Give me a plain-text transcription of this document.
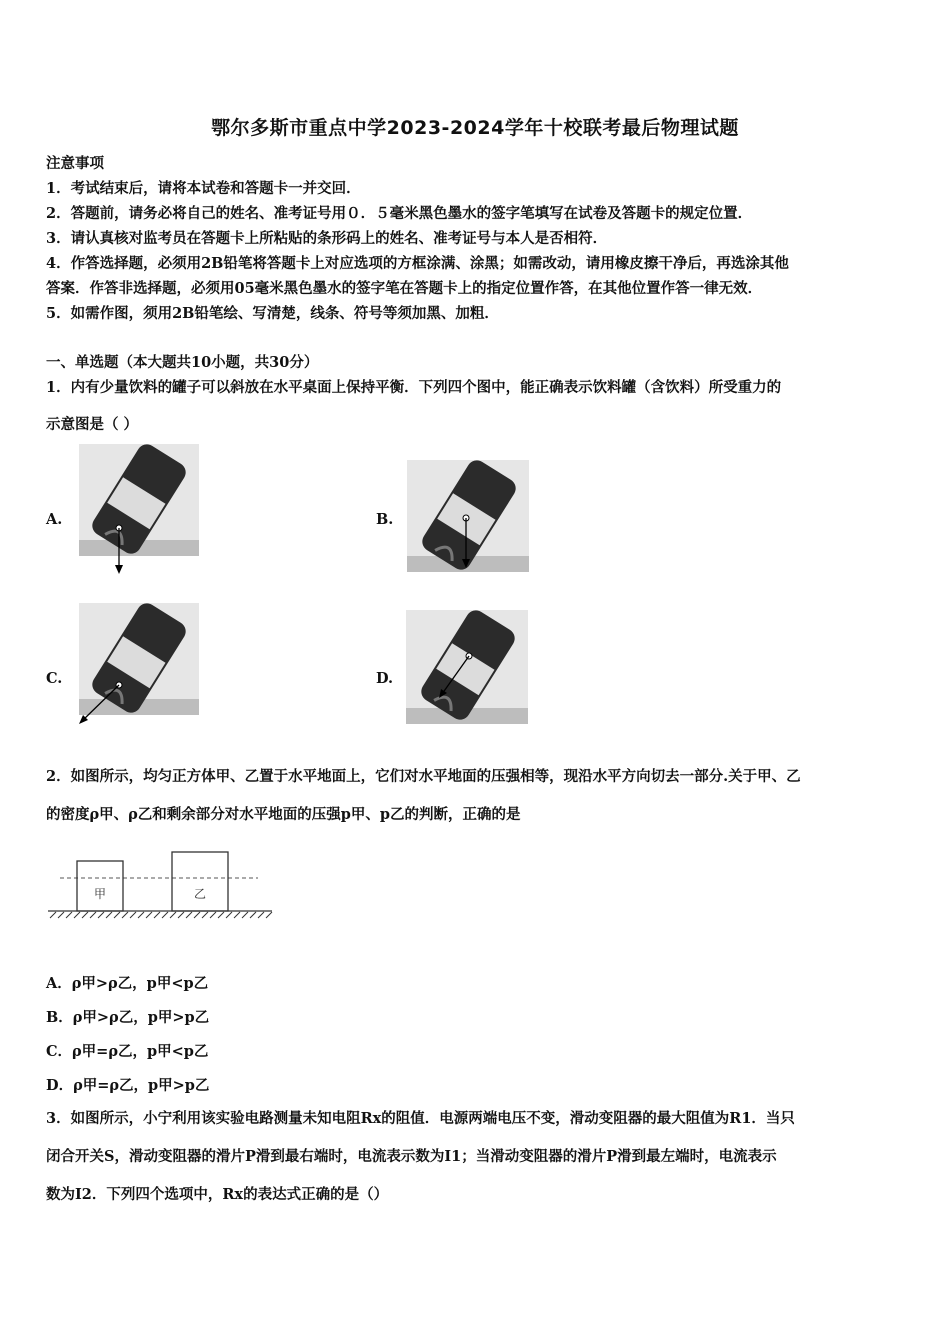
鄂尔多斯市重点中学2023-2024学年十校联考最后物理试题
注意事项
1．考试结束后，请将本试卷和答题卡一并交回．
2．答题前，请务必将自己的姓名、准考证号用０．５毫米黑色墨水的签字笔填写在试卷及答题卡的规定位置．
3．请认真核对监考员在答题卡上所粘贴的条形码上的姓名、准考证号与本人是否相符．
4．作答选择题，必须用2B铅笔将答题卡上对应选项的方框涂满、涂黑；如需改动，请用橡皮擦干净后，再选涂其他
答案．作答非选择题，必须用05毫米黑色墨水的签字笔在答题卡上的指定位置作答，在其他位置作答一律无效．
5．如需作图，须用2B铅笔绘、写清楚，线条、符号等须加黑、加粗．
一、单选题（本大题共10小题，共30分）
1．内有少量饮料的罐子可以斜放在水平桌面上保持平衡．下列四个图中，能正确表示饮料罐（含饮料）所受重力的
示意图是（ ）
A.	B.
C.	D.
2．如图所示，均匀正方体甲、乙置于水平地面上，它们对水平地面的压强相等，现沿水平方向切去一部分.关于甲、乙
的密度ρ甲、ρ乙和剩余部分对水平地面的压强p甲、p乙的判断，正确的是
甲	乙
A．ρ甲>ρ乙，p甲<p乙
B．ρ甲>ρ乙，p甲>p乙
C．ρ甲=ρ乙，p甲<p乙
D．ρ甲=ρ乙，p甲>p乙
3．如图所示，小宁利用该实验电路测量未知电阻Rx的阻值．电源两端电压不变，滑动变阻器的最大阻值为R1．当只
闭合开关S，滑动变阻器的滑片P滑到最右端时，电流表示数为I1；当滑动变阻器的滑片P滑到最左端时，电流表示
数为I2．下列四个选项中，Rx的表达式正确的是（）
